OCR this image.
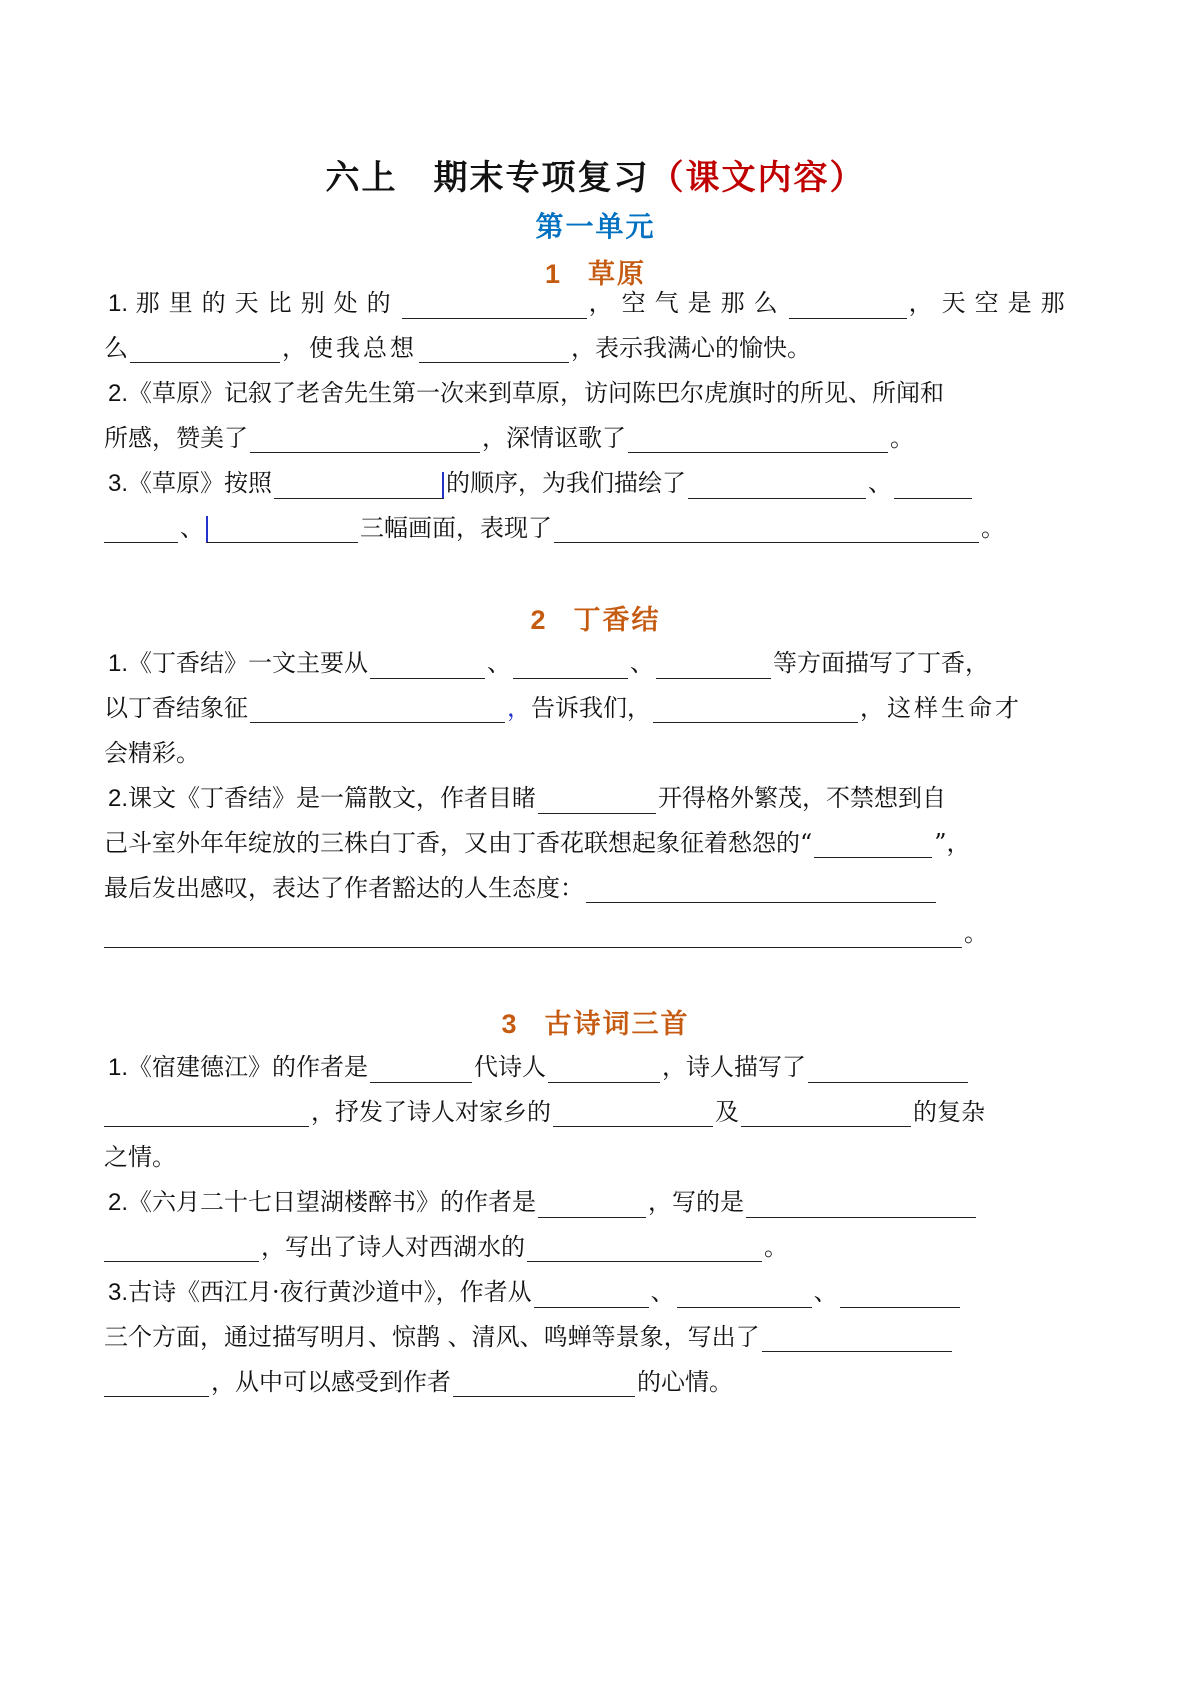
六上　期末专项复习（课文内容）
第一单元
1 草原
1. 那里的天比别处的	，空气是那么	，天空是那
么	，使我总想	，表示我满心的愉快。
2.《草原》记叙了老舍先生第一次来到草原，访问陈巴尔虎旗时的所见、所闻和
所感，赞美了	，深情讴歌了	。
3.《草原》按照	的顺序，为我们描绘了	、
、	三幅画面，表现了	。
2 丁香结
1.《丁香结》一文主要从	、	、	等方面描写了丁香，
以丁香结象征	，告诉我们，	，这样生命才
会精彩。
2.课文《丁香结》是一篇散文，作者目睹	开得格外繁茂，不禁想到自
己斗室外年年绽放的三株白丁香，又由丁香花联想起象征着愁怨的“	”，
最后发出感叹，表达了作者豁达的人生态度：
。
3 古诗词三首
1.《宿建德江》的作者是	代诗人	，诗人描写了
，抒发了诗人对家乡的	及	的复杂
之情。
2.《六月二十七日望湖楼醉书》的作者是	，写的是
，写出了诗人对西湖水的	。
3.古诗《西江月·夜行黄沙道中》，作者从	、	、
三个方面，通过描写明月、惊鹊 、清风、鸣蝉等景象，写出了
，从中可以感受到作者	的心情。
